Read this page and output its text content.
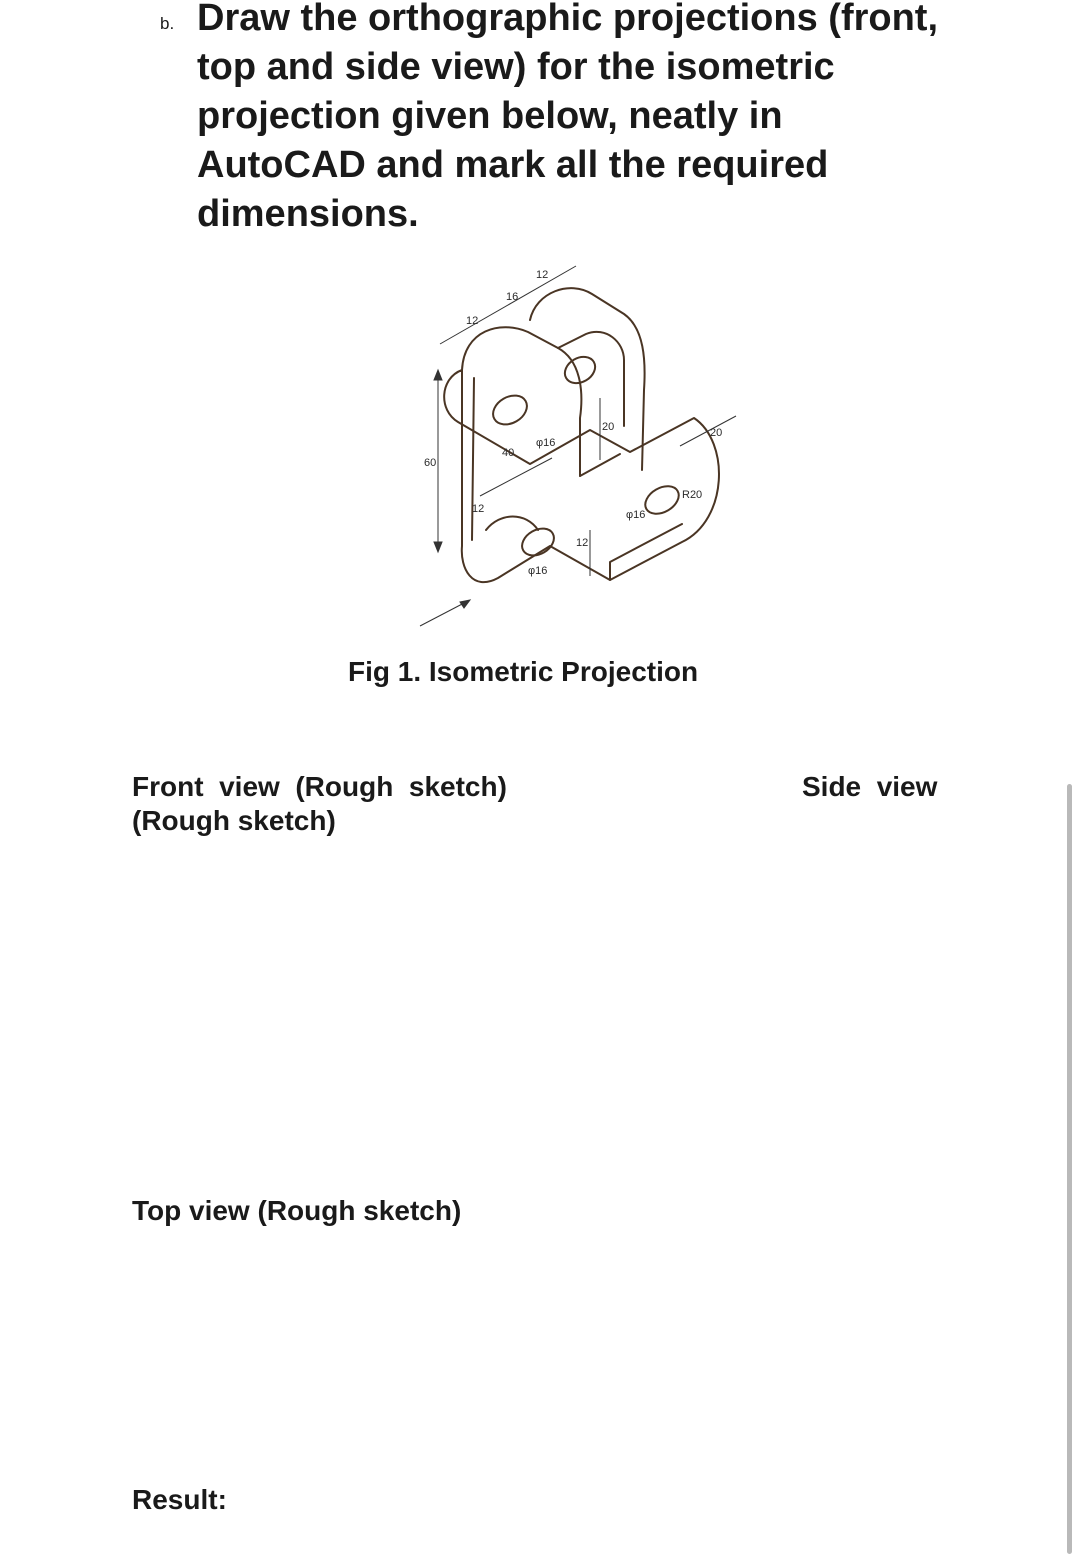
b. Draw the orthographic projections (front, top and side view) for the isometric projection given below, neatly in AutoCAD and mark all the required dimensions.

12
16
12
60
40
φ16
20	20
R20
φ16
12
12
φ16
Fig 1. Isometric Projection
Front  view  (Rough  sketch)
(Rough sketch)
Side  view
Top view (Rough sketch)
Result:
